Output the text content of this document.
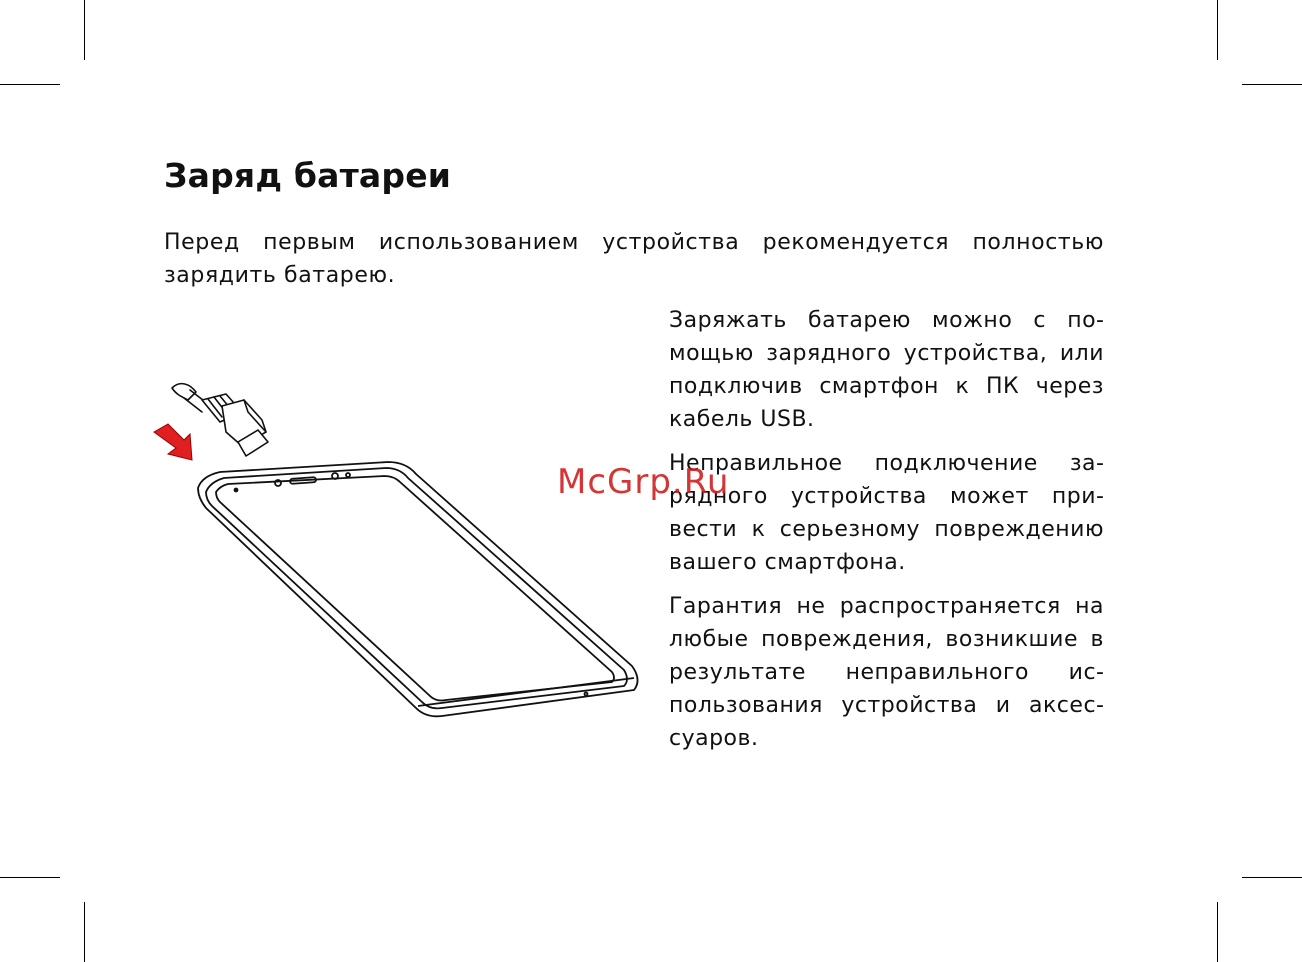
Заряд батареи

Перед первым использованием устройства рекомендуется полностью зарядить батарею.

Заряжать батарею можно с помощью зарядного устройства, или подключив смартфон к ПК через кабель USB.

Неправильное подключение зарядного устройства может привести к серьезному повреждению вашего смартфона.

Гарантия не распространяется на любые повреждения, возникшие в результате неправильного использования устройства и аксессуаров.

McGrp.Ru
